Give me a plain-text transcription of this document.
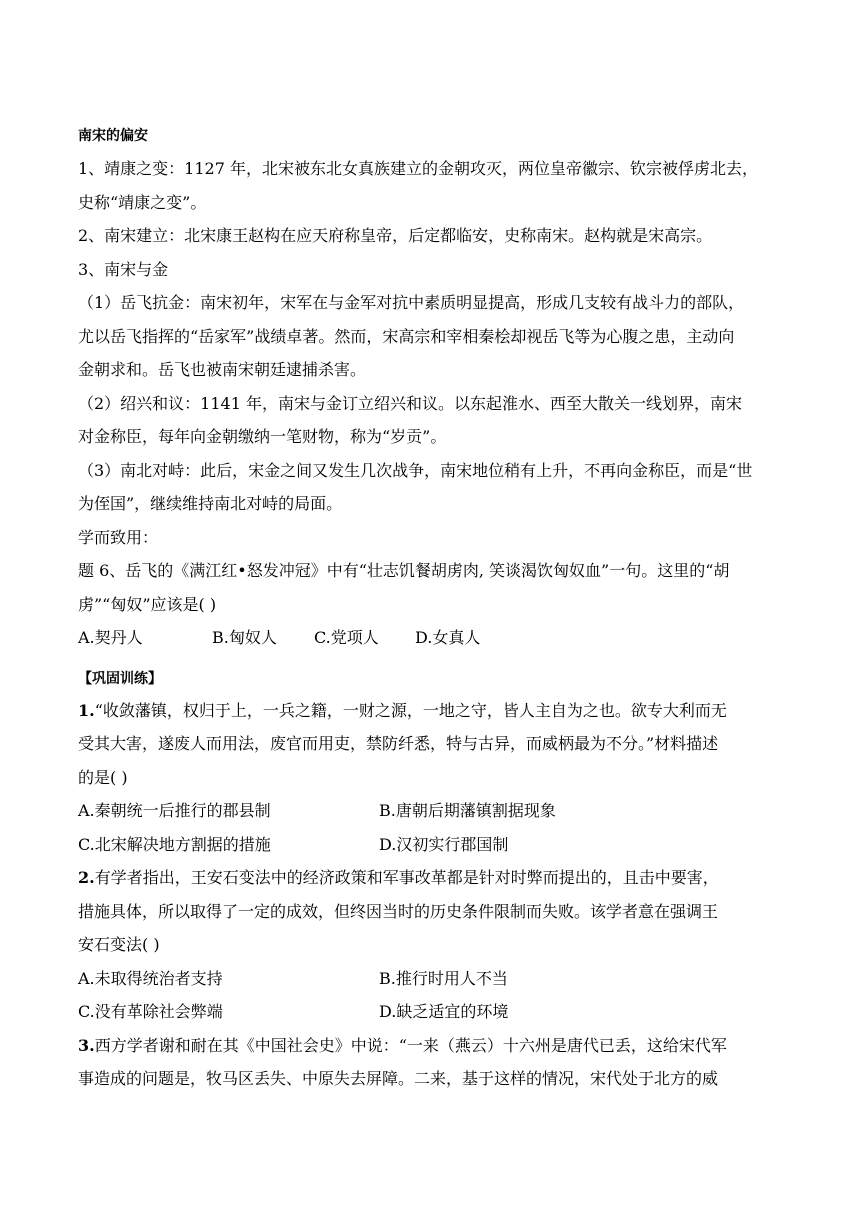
南宋的偏安

1、靖康之变：1127 年，北宋被东北女真族建立的金朝攻灭，两位皇帝徽宗、钦宗被俘虏北去，

史称“靖康之变”。

2、南宋建立：北宋康王赵构在应天府称皇帝，后定都临安，史称南宋。赵构就是宋高宗。

3、南宋与金

（1）岳飞抗金：南宋初年，宋军在与金军对抗中素质明显提高，形成几支较有战斗力的部队，

尤以岳飞指挥的“岳家军”战绩卓著。然而，宋高宗和宰相秦桧却视岳飞等为心腹之患，主动向

金朝求和。岳飞也被南宋朝廷逮捕杀害。

（2）绍兴和议：1141 年，南宋与金订立绍兴和议。以东起淮水、西至大散关一线划界，南宋

对金称臣，每年向金朝缴纳一笔财物，称为“岁贡”。

（3）南北对峙：此后，宋金之间又发生几次战争，南宋地位稍有上升，不再向金称臣，而是“世

为侄国”，继续维持南北对峙的局面。

学而致用：

题 6、岳飞的《满江红•怒发冲冠》中有“壮志饥餐胡虏肉, 笑谈渴饮匈奴血”一句。这里的“胡

虏”“匈奴”应该是( )

A.契丹人	B.匈奴人 C.党项人 D.女真人

【巩固训练】

1.“收敛藩镇，权归于上，一兵之籍，一财之源，一地之守，皆人主自为之也。欲专大利而无

受其大害，遂废人而用法，废官而用吏，禁防纤悉，特与古异，而威柄最为不分。”材料描述

的是( )

A.秦朝统一后推行的郡县制	B.唐朝后期藩镇割据现象

C.北宋解决地方割据的措施	D.汉初实行郡国制

2.有学者指出，王安石变法中的经济政策和军事改革都是针对时弊而提出的，且击中要害，

措施具体，所以取得了一定的成效，但终因当时的历史条件限制而失败。该学者意在强调王

安石变法( )

A.未取得统治者支持	B.推行时用人不当

C.没有革除社会弊端	D.缺乏适宜的环境

3.西方学者谢和耐在其《中国社会史》中说：“一来（燕云）十六州是唐代已丢，这给宋代军

事造成的问题是，牧马区丢失、中原失去屏障。二来，基于这样的情况，宋代处于北方的威
